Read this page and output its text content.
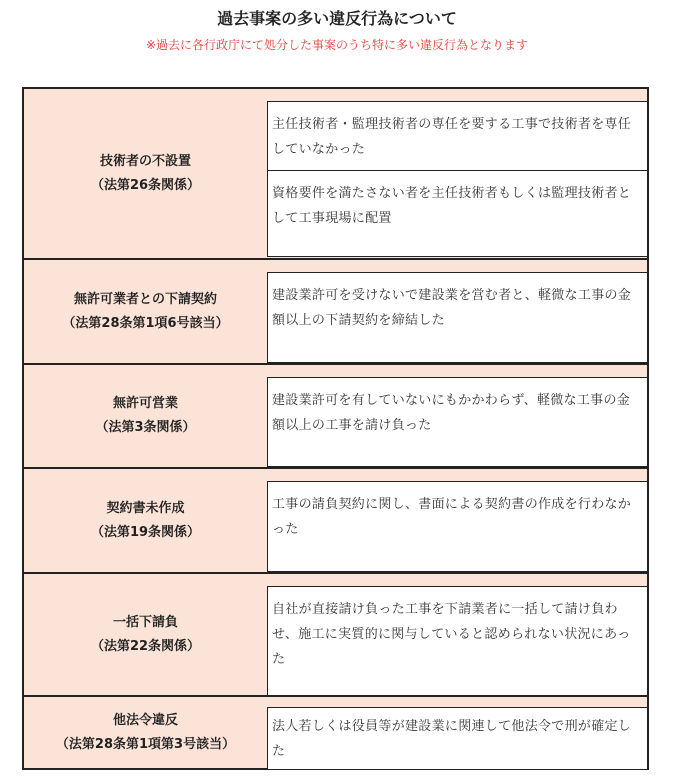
過去事案の多い違反行為について
※過去に各行政庁にて処分した事案のうち特に多い違反行為となります
技術者の不設置
（法第26条関係）
主任技術者・監理技術者の専任を要する工事で技術者を専任していなかった
資格要件を満たさない者を主任技術者もしくは監理技術者として工事現場に配置
無許可業者との下請契約
（法第28条第1項6号該当）
建設業許可を受けないで建設業を営む者と、軽微な工事の金額以上の下請契約を締結した
無許可営業
（法第3条関係）
建設業許可を有していないにもかかわらず、軽微な工事の金額以上の工事を請け負った
契約書未作成
（法第19条関係）
工事の請負契約に関し、書面による契約書の作成を行わなかった
一括下請負
（法第22条関係）
自社が直接請け負った工事を下請業者に一括して請け負わせ、施工に実質的に関与していると認められない状況にあった
他法令違反
（法第28条第1項第3号該当）
法人若しくは役員等が建設業に関連して他法令で刑が確定した
